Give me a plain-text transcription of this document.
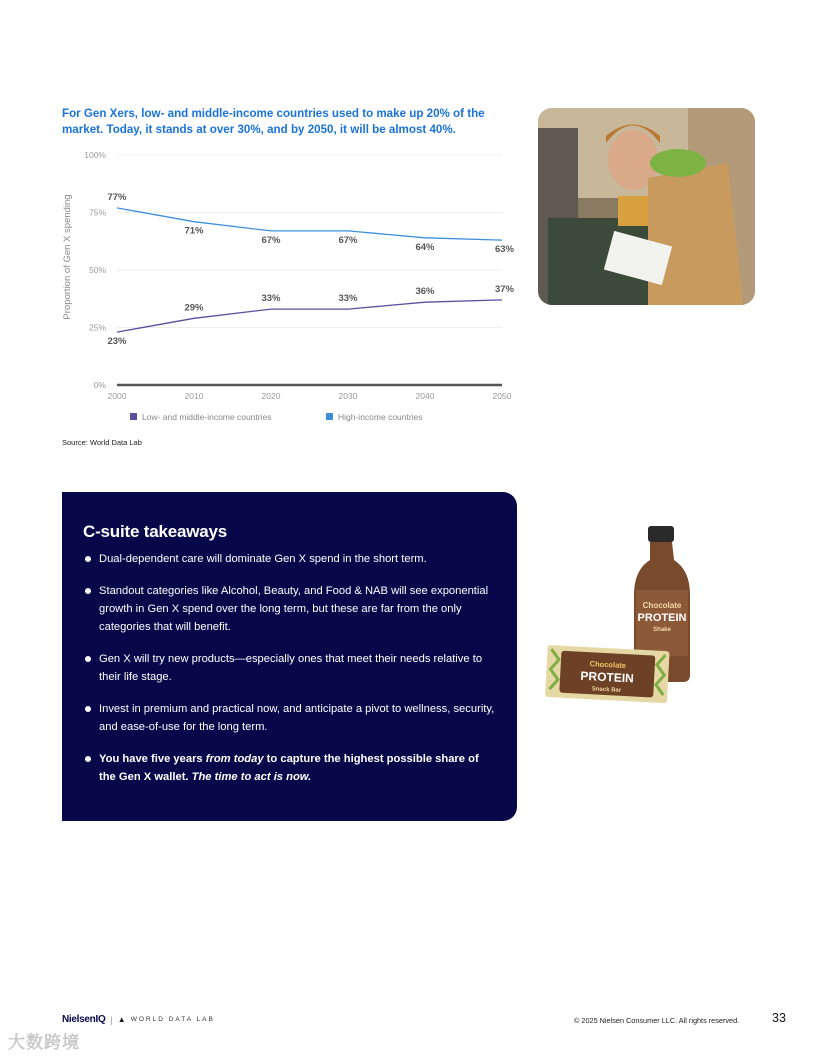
For Gen Xers, low- and middle-income countries used to make up 20% of the market. Today, it stands at over 30%, and by 2050, it will be almost 40%.

0%
25%
50%
75%
100%
2000	2010	2020	2030	2040	2050
Proportion of Gen X spending
23%
29%
33%	33%
36%	37%
77%
71%
67%	67%
64%	63%
Low- and middle-income countries	High-income countries
Source: World Data Lab
C-suite takeaways
Dual-dependent care will dominate Gen X spend in the short term.
Standout categories like Alcohol, Beauty, and Food & NAB will see exponential growth in Gen X spend over the long term, but these are far from the only categories that will benefit.
Gen X will try new products—especially ones that meet their needs relative to their life stage.
Invest in premium and practical now, and anticipate a pivot to wellness, security, and ease-of-use for the long term.
You have five years from today to capture the highest possible share of the Gen X wallet. The time to act is now.
Chocolate
PROTEIN
Shake
Chocolate
PROTEIN
Snack Bar
NielsenIQ | ▲ WORLD DATA LAB	© 2025 Nielsen Consumer LLC. All rights reserved.	33
大数跨境
